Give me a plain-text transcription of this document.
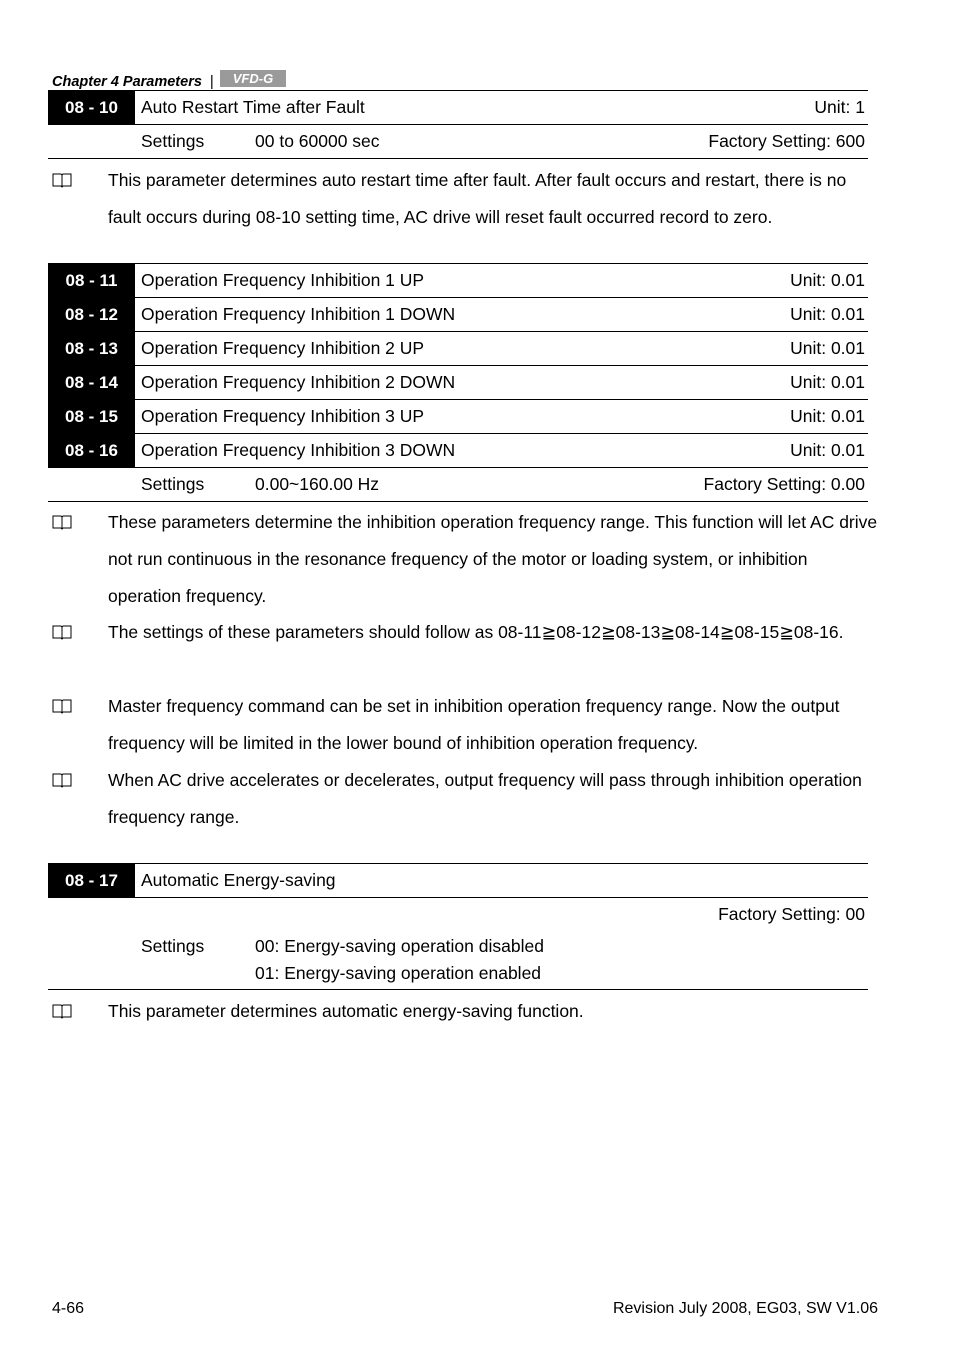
Chapter 4 Parameters | VFD-G
08 - 10	Auto Restart Time after Fault	Unit: 1
Settings	00 to 60000 sec	Factory Setting: 600
This parameter determines auto restart time after fault. After fault occurs and restart, there is no fault occurs during 08-10 setting time, AC drive will reset fault occurred record to zero.
08 - 11	Operation Frequency Inhibition 1 UP	Unit: 0.01
08 - 12	Operation Frequency Inhibition 1 DOWN	Unit: 0.01
08 - 13	Operation Frequency Inhibition 2 UP	Unit: 0.01
08 - 14	Operation Frequency Inhibition 2 DOWN	Unit: 0.01
08 - 15	Operation Frequency Inhibition 3 UP	Unit: 0.01
08 - 16	Operation Frequency Inhibition 3 DOWN	Unit: 0.01
Settings	0.00~160.00 Hz	Factory Setting: 0.00
These parameters determine the inhibition operation frequency range. This function will let AC drive not run continuous in the resonance frequency of the motor or loading system, or inhibition operation frequency.
The settings of these parameters should follow as 08-11≧08-12≧08-13≧08-14≧08-15≧08-16.
Master frequency command can be set in inhibition operation frequency range. Now the output frequency will be limited in the lower bound of inhibition operation frequency.
When AC drive accelerates or decelerates, output frequency will pass through inhibition operation frequency range.
08 - 17	Automatic Energy-saving
Factory Setting: 00
Settings	00: Energy-saving operation disabled
01: Energy-saving operation enabled
This parameter determines automatic energy-saving function.
4-66	Revision July 2008, EG03, SW V1.06
